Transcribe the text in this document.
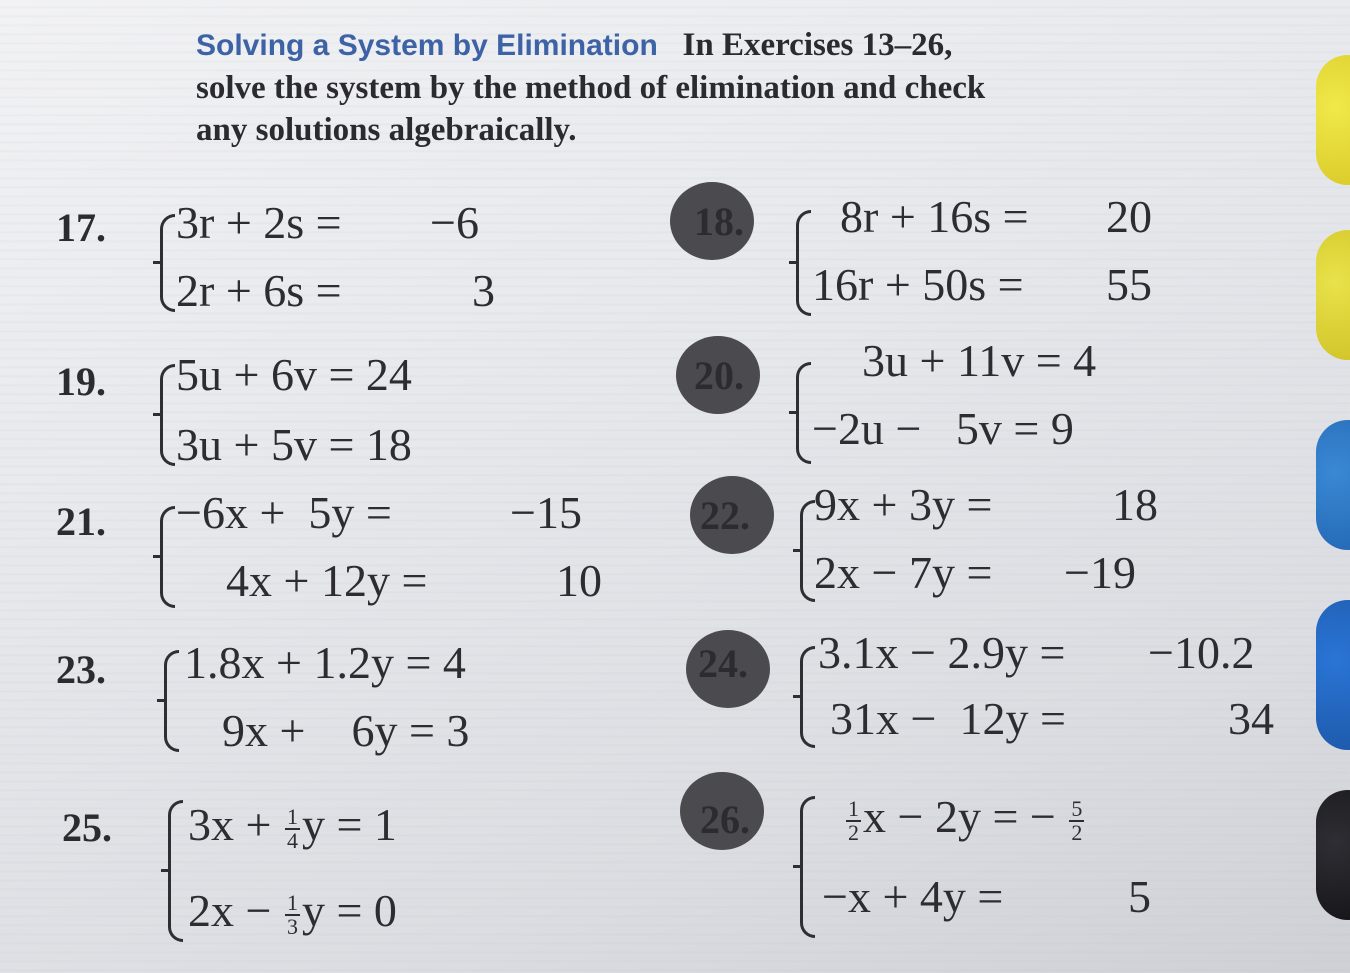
Solving a System by Elimination In Exercises 13–26,
solve the system by the method of elimination and check
any solutions algebraically.
17. 3r + 2s = −6
2r + 6s =	3
18. 8r + 16s = 20
16r + 50s = 55
19. 5u + 6v = 24
3u + 5v = 18
20.	3u + 11v = 4
−2u −   5v = 9
21. −6x +  5y =	−15
4x + 12y =	10
22. 9x + 3y =	18
2x − 7y = −19
23. 1.8x + 1.2y = 4
9x +    6y = 3
24. 3.1x − 2.9y = −10.2
31x −  12y =	34
25. $3x + \frac{1}{4}$ y = 1
$2x - \frac{1}{3}$ y = 0
26.	$\frac{1}{2}$ x − 2y = − $\frac{5}{2}$
−x + 4y =	5
